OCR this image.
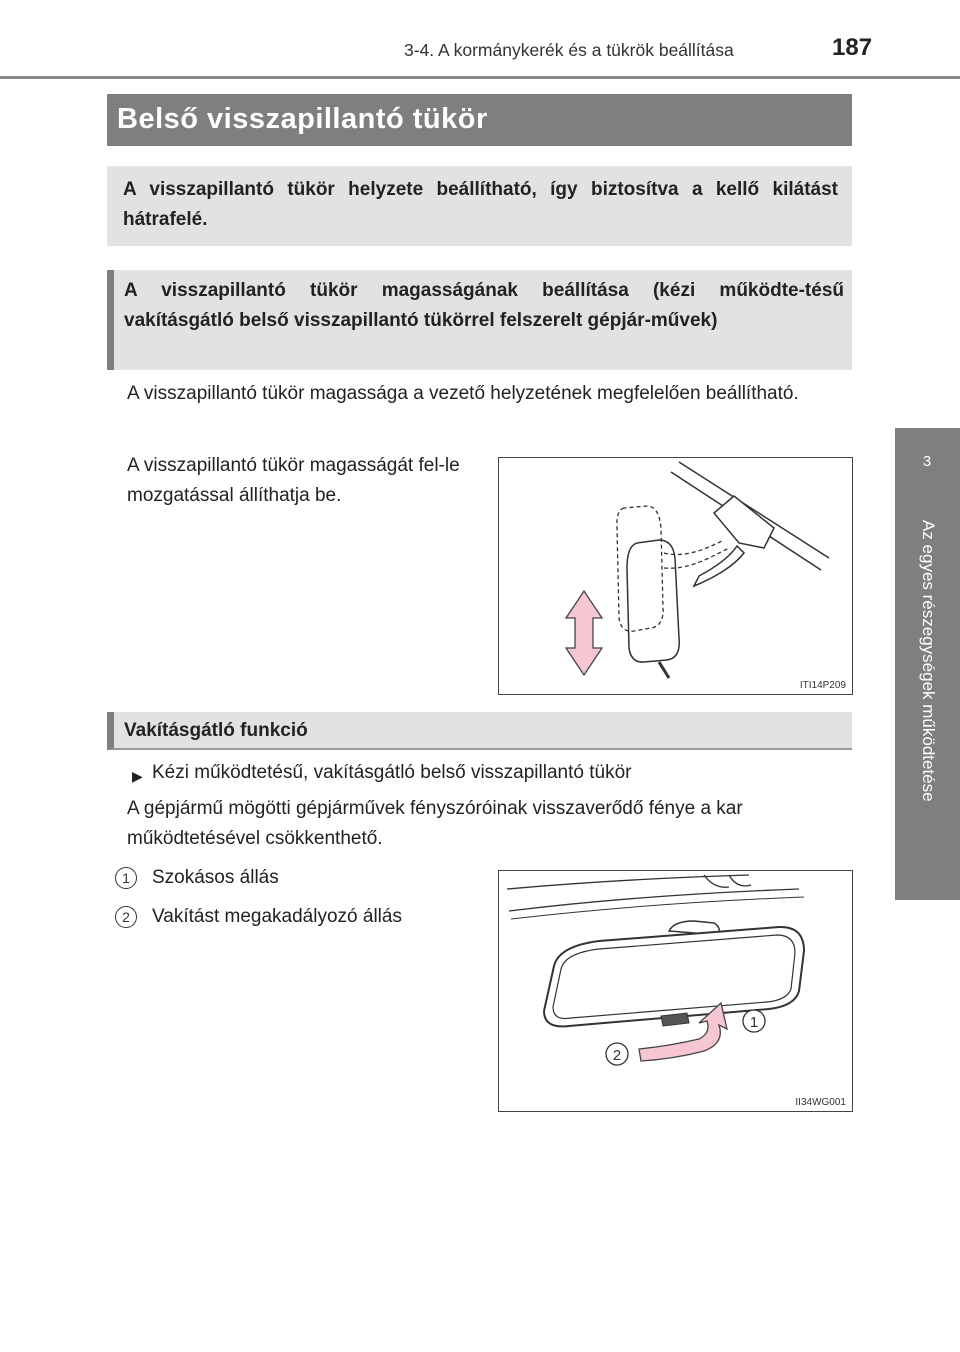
3-4. A kormánykerék és a tükrök beállítása	187
3
Az egyes részegységek működtetése
Belső visszapillantó tükör

A visszapillantó tükör helyzete beállítható, így biztosítva a kellő kilátást hátrafelé.

A visszapillantó tükör magasságának beállítása (kézi működte-tésű vakításgátló belső visszapillantó tükörrel felszerelt gépjár-művek)

A visszapillantó tükör magassága a vezető helyzetének megfelelően beállítható.

A visszapillantó tükör magasságát fel-le mozgatással állíthatja be.

ITI14P209

Vakításgátló funkció

▶ Kézi működtetésű, vakításgátló belső visszapillantó tükör

A gépjármű mögötti gépjárművek fényszóróinak visszaverődő fénye a kar működtetésével csökkenthető.

1	Szokásos állás

2	Vakítást megakadályozó állás

1
2
II34WG001
